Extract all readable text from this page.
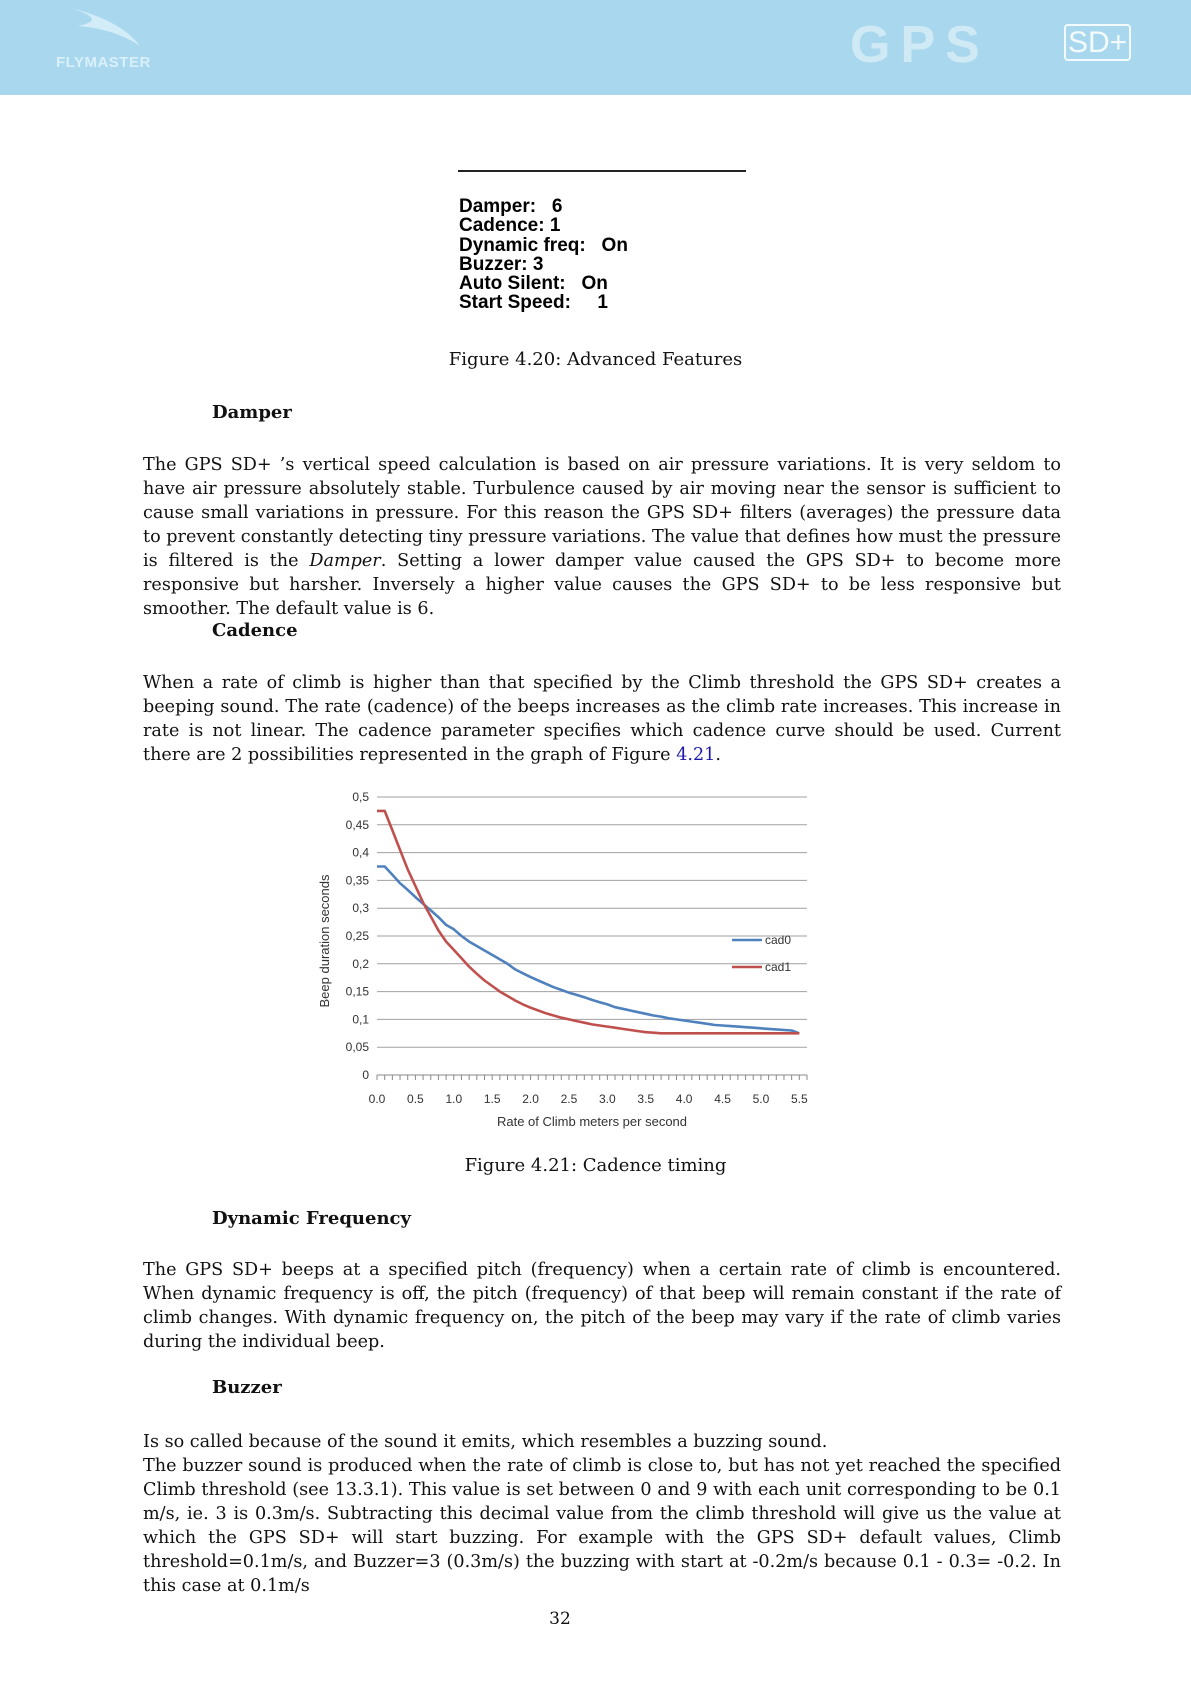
FLYMASTER	GPS	SD+
Damper: 6
Cadence: 1
Dynamic freq: On
Buzzer: 3
Auto Silent: On
Start Speed: 1
Figure 4.20: Advanced Features
Damper
The GPS SD+ ’s vertical speed calculation is based on air pressure variations. It is very seldom to have air pressure absolutely stable. Turbulence caused by air moving near the sensor is sufficient to cause small variations in pressure. For this reason the GPS SD+ filters (averages) the pressure data to prevent constantly detecting tiny pressure variations. The value that defines how must the pressure is filtered is the Damper. Setting a lower damper value caused the GPS SD+ to become more responsive but harsher. Inversely a higher value causes the GPS SD+ to be less responsive but smoother. The default value is 6.
Cadence
When a rate of climb is higher than that specified by the Climb threshold the GPS SD+ creates a beeping sound. The rate (cadence) of the beeps increases as the climb rate increases. This increase in rate is not linear. The cadence parameter specifies which cadence curve should be used. Current there are 2 possibilities represented in the graph of Figure 4.21.
0
0,05
0,1
0,15
0,2
0,25
0,3
0,35
0,4
0,45
0,5
0.0 0.5 1.0 1.5 2.0 2.5 3.0 3.5 4.0 4.5 5.0 5.5
Rate of Climb meters per second
Beep duration seconds	cad0
cad1
Figure 4.21: Cadence timing
Dynamic Frequency
The GPS SD+ beeps at a specified pitch (frequency) when a certain rate of climb is encountered. When dynamic frequency is off, the pitch (frequency) of that beep will remain constant if the rate of climb changes. With dynamic frequency on, the pitch of the beep may vary if the rate of climb varies during the individual beep.
Buzzer
Is so called because of the sound it emits, which resembles a buzzing sound.
The buzzer sound is produced when the rate of climb is close to, but has not yet reached the specified Climb threshold (see 13.3.1). This value is set between 0 and 9 with each unit corresponding to be 0.1 m/s, ie. 3 is 0.3m/s. Subtracting this decimal value from the climb threshold will give us the value at which the GPS SD+ will start buzzing. For example with the GPS SD+ default values, Climb threshold=0.1m/s, and Buzzer=3 (0.3m/s) the buzzing with start at -0.2m/s because 0.1 - 0.3= -0.2. In this case at 0.1m/s
32
